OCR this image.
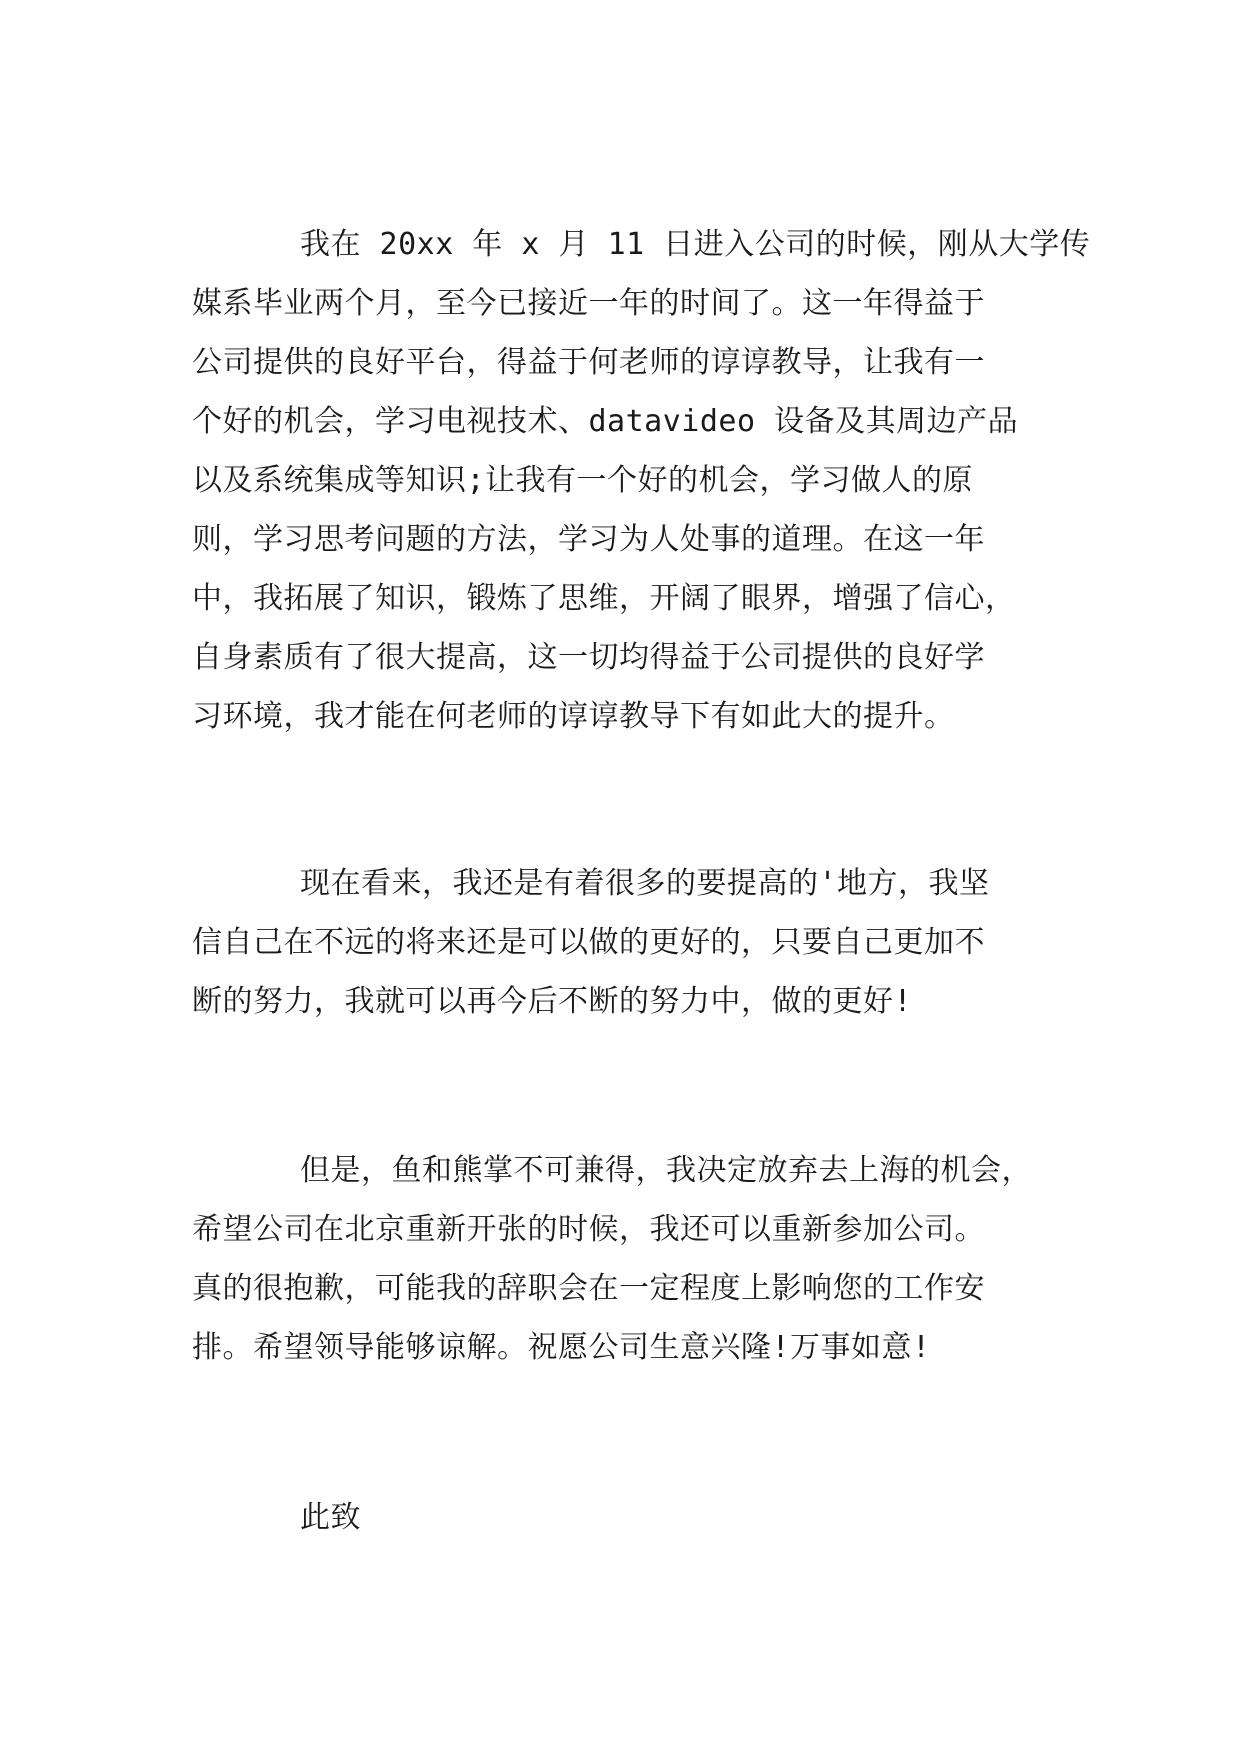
我在 20xx 年 x 月 11 日进入公司的时候，刚从大学传
媒系毕业两个月，至今已接近一年的时间了。这一年得益于
公司提供的良好平台，得益于何老师的谆谆教导，让我有一
个好的机会，学习电视技术、datavideo 设备及其周边产品
以及系统集成等知识;让我有一个好的机会，学习做人的原
则，学习思考问题的方法，学习为人处事的道理。在这一年
中，我拓展了知识，锻炼了思维，开阔了眼界，增强了信心，
自身素质有了很大提高，这一切均得益于公司提供的良好学
习环境，我才能在何老师的谆谆教导下有如此大的提升。
现在看来，我还是有着很多的要提高的'地方，我坚
信自己在不远的将来还是可以做的更好的，只要自己更加不
断的努力，我就可以再今后不断的努力中，做的更好!
但是，鱼和熊掌不可兼得，我决定放弃去上海的机会，
希望公司在北京重新开张的时候，我还可以重新参加公司。
真的很抱歉，可能我的辞职会在一定程度上影响您的工作安
排。希望领导能够谅解。祝愿公司生意兴隆!万事如意!
此致
